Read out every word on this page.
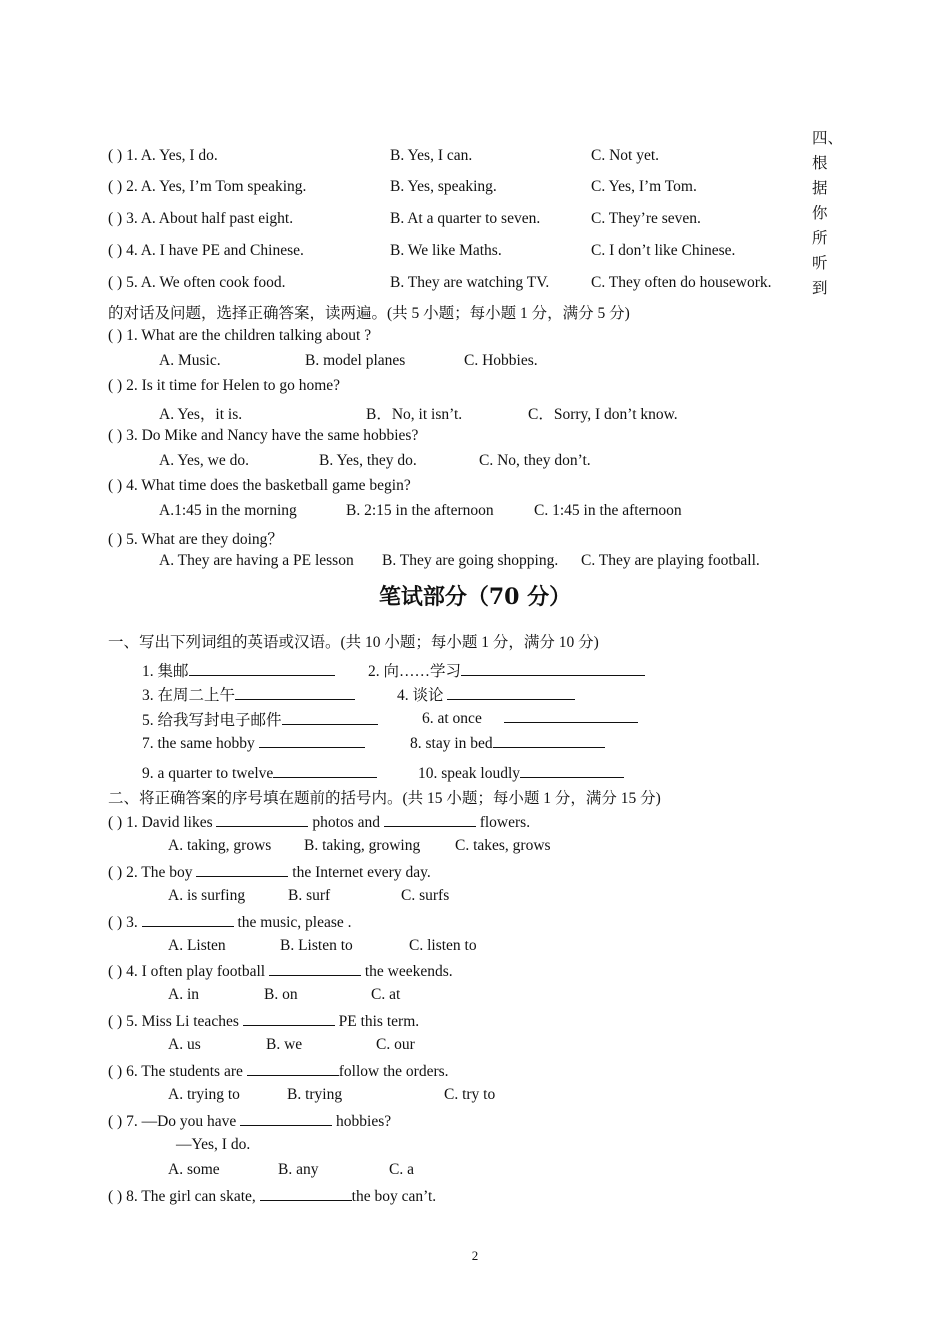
四、
根
据
你
所
听
到
( ) 1. A. Yes, I do.	B. Yes, I can.	C. Not yet.
( ) 2. A. Yes, I’m Tom speaking.	B. Yes, speaking.	C. Yes, I’m Tom.
( ) 3. A. About half past eight.	B. At a quarter to seven.	C. They’re seven.
( ) 4. A. I have PE and Chinese.	B. We like Maths.	C. I don’t like Chinese.
( ) 5. A. We often cook food.	B. They are watching TV.	C. They often do housework.
的对话及问题，选择正确答案，读两遍。(共 5 小题；每小题 1 分，满分 5 分)
( ) 1. What are the children talking about ?
A. Music.	B. model planes	C. Hobbies.
( ) 2. Is it time for Helen to go home?
A. Yes，it is.	B．No, it isn’t.	C．Sorry, I don’t know.
( ) 3. Do Mike and Nancy have the same hobbies?
A. Yes, we do.	B. Yes, they do.	C. No, they don’t.
( ) 4. What time does the basketball game begin?
A.1:45 in the morning	B. 2:15 in the afternoon	C. 1:45 in the afternoon
( ) 5. What are they doing？
A. They are having a PE lesson B. They are going shopping. C. They are playing football.
笔试部分（70 分）
一、写出下列词组的英语或汉语。(共 10 小题；每小题 1 分，满分 10 分)
1. 集邮	2. 向……学习
3. 在周二上午	4. 谈论
5. 给我写封电子邮件	6. at once
7. the same hobby	8. stay in bed
9. a quarter to twelve	10. speak loudly
二、将正确答案的序号填在题前的括号内。(共 15 小题；每小题 1 分，满分 15 分)
( ) 1. David likes	photos and	flowers.
A. taking, grows B. taking, growing C. takes, grows
( ) 2. The boy	the Internet every day.
A. is surfing	B. surf	C. surfs
( ) 3.	the music, please .
A. Listen	B. Listen to	C. listen to
( ) 4. I often play football	the weekends.
A. in	B. on	C. at
( ) 5. Miss Li teaches	PE this term.
A. us	B. we	C. our
( ) 6. The students are	follow the orders.
A. trying to	B. trying	C. try to
( ) 7. —Do you have	hobbies?
—Yes, I do.
A. some	B. any	C. a
( ) 8. The girl can skate,	the boy can’t.
2
